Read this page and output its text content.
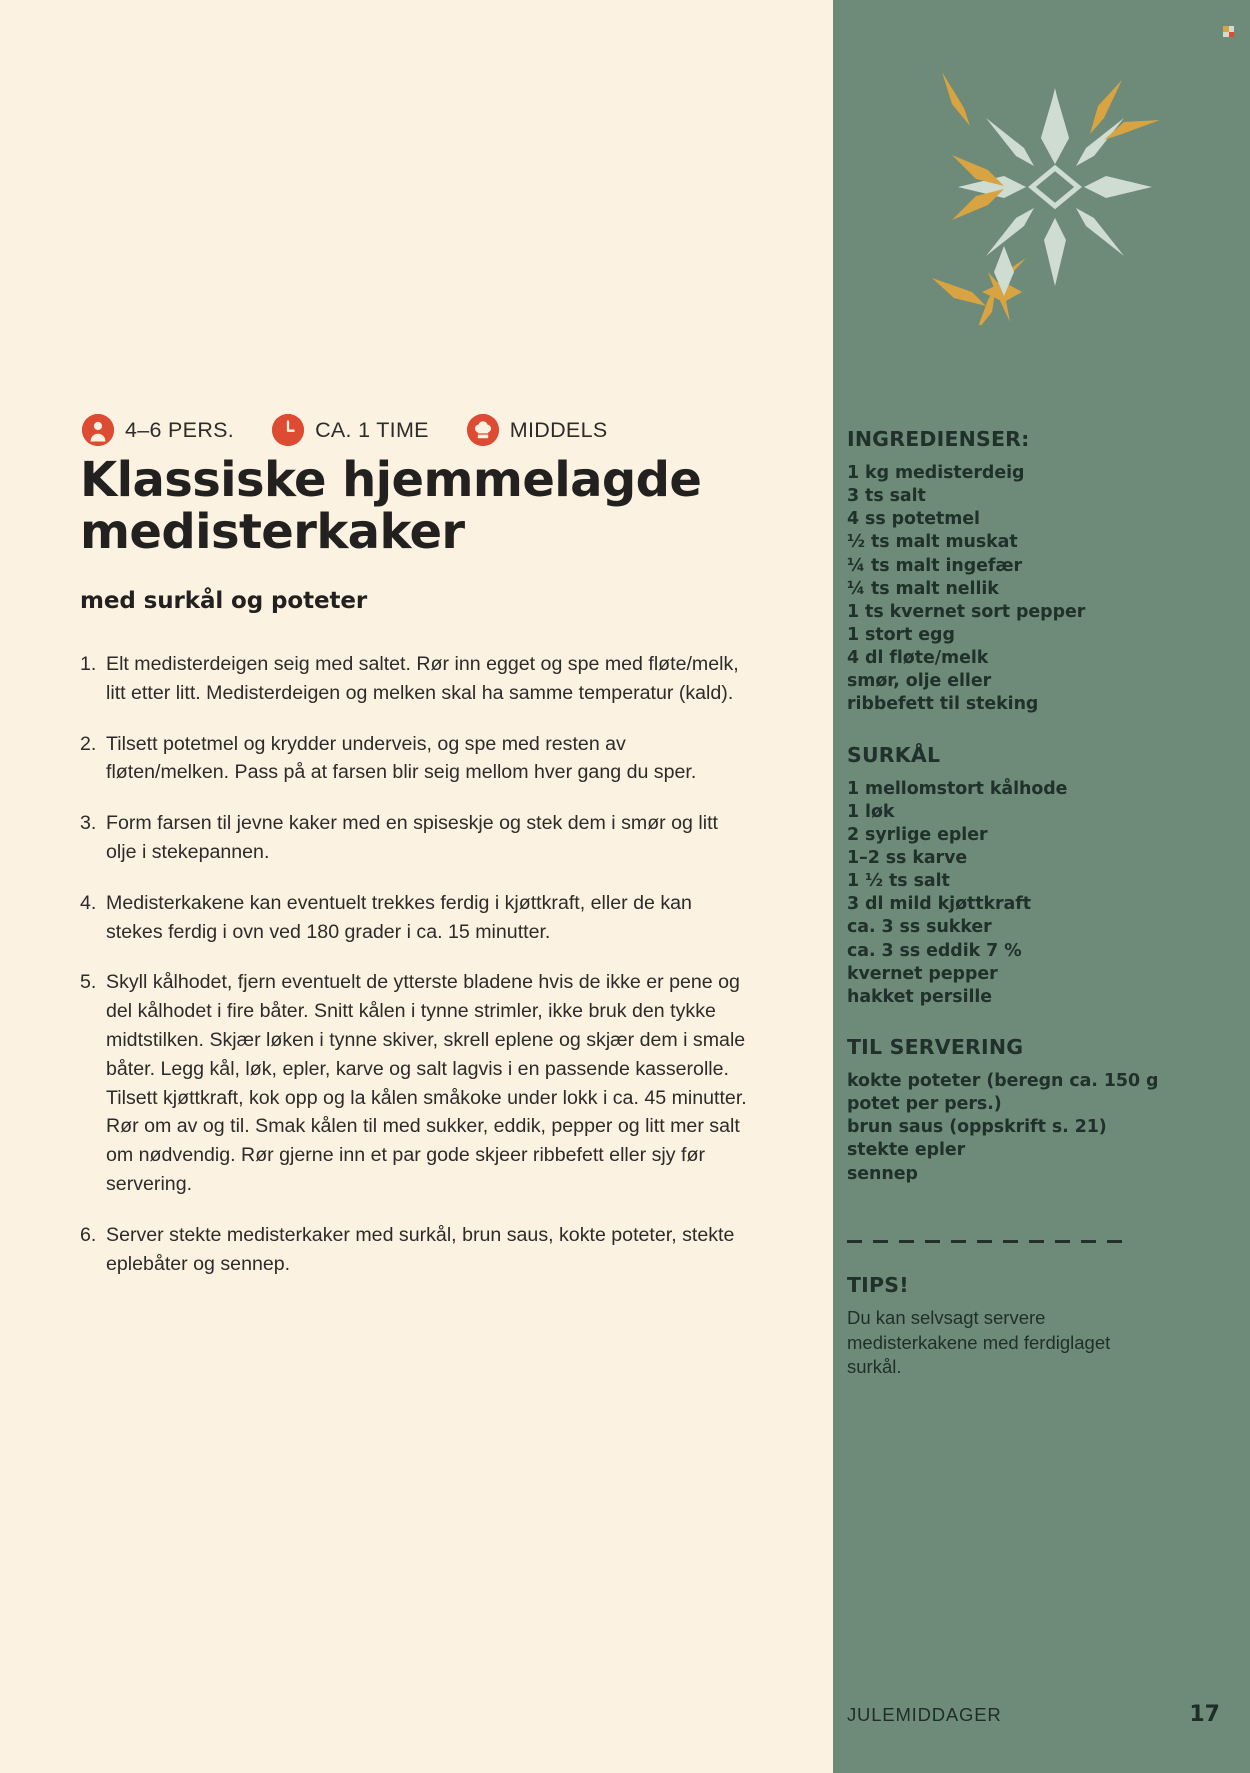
4–6 PERS.	CA. 1 TIME	MIDDELS
Klassiske hjemmelagde medisterkaker
med surkål og poteter
1. Elt medisterdeigen seig med saltet. Rør inn egget og spe med fløte/melk, litt etter litt. Medisterdeigen og melken skal ha samme temperatur (kald).
2. Tilsett potetmel og krydder underveis, og spe med resten av fløten/melken. Pass på at farsen blir seig mellom hver gang du sper.
3. Form farsen til jevne kaker med en spiseskje og stek dem i smør og litt olje i stekepannen.
4. Medisterkakene kan eventuelt trekkes ferdig i kjøttkraft, eller de kan stekes ferdig i ovn ved 180 grader i ca. 15 minutter.
5. Skyll kålhodet, fjern eventuelt de ytterste bladene hvis de ikke er pene og del kålhodet i fire båter. Snitt kålen i tynne strimler, ikke bruk den tykke midtstilken. Skjær løken i tynne skiver, skrell eplene og skjær dem i smale båter. Legg kål, løk, epler, karve og salt lagvis i en passende kasserolle. Tilsett kjøttkraft, kok opp og la kålen småkoke under lokk i ca. 45 minutter. Rør om av og til. Smak kålen til med sukker, eddik, pepper og litt mer salt om nødvendig. Rør gjerne inn et par gode skjeer ribbefett eller sjy før servering.
6. Server stekte medisterkaker med surkål, brun saus, kokte poteter, stekte eplebåter og sennep.
INGREDIENSER:
1 kg medisterdeig
3 ts salt
4 ss potetmel
½ ts malt muskat
¼ ts malt ingefær
¼ ts malt nellik
1 ts kvernet sort pepper
1 stort egg
4 dl fløte/melk
smør, olje eller
ribbefett til steking
SURKÅL
1 mellomstort kålhode
1 løk
2 syrlige epler
1–2 ss karve
1 ½ ts salt
3 dl mild kjøttkraft
ca. 3 ss sukker
ca. 3 ss eddik 7 %
kvernet pepper
hakket persille
TIL SERVERING
kokte poteter (beregn ca. 150 g
potet per pers.)
brun saus (oppskrift s. 21)
stekte epler
sennep
TIPS!
Du kan selvsagt servere medisterkakene med ferdiglaget surkål.
JULEMIDDAGER	17
